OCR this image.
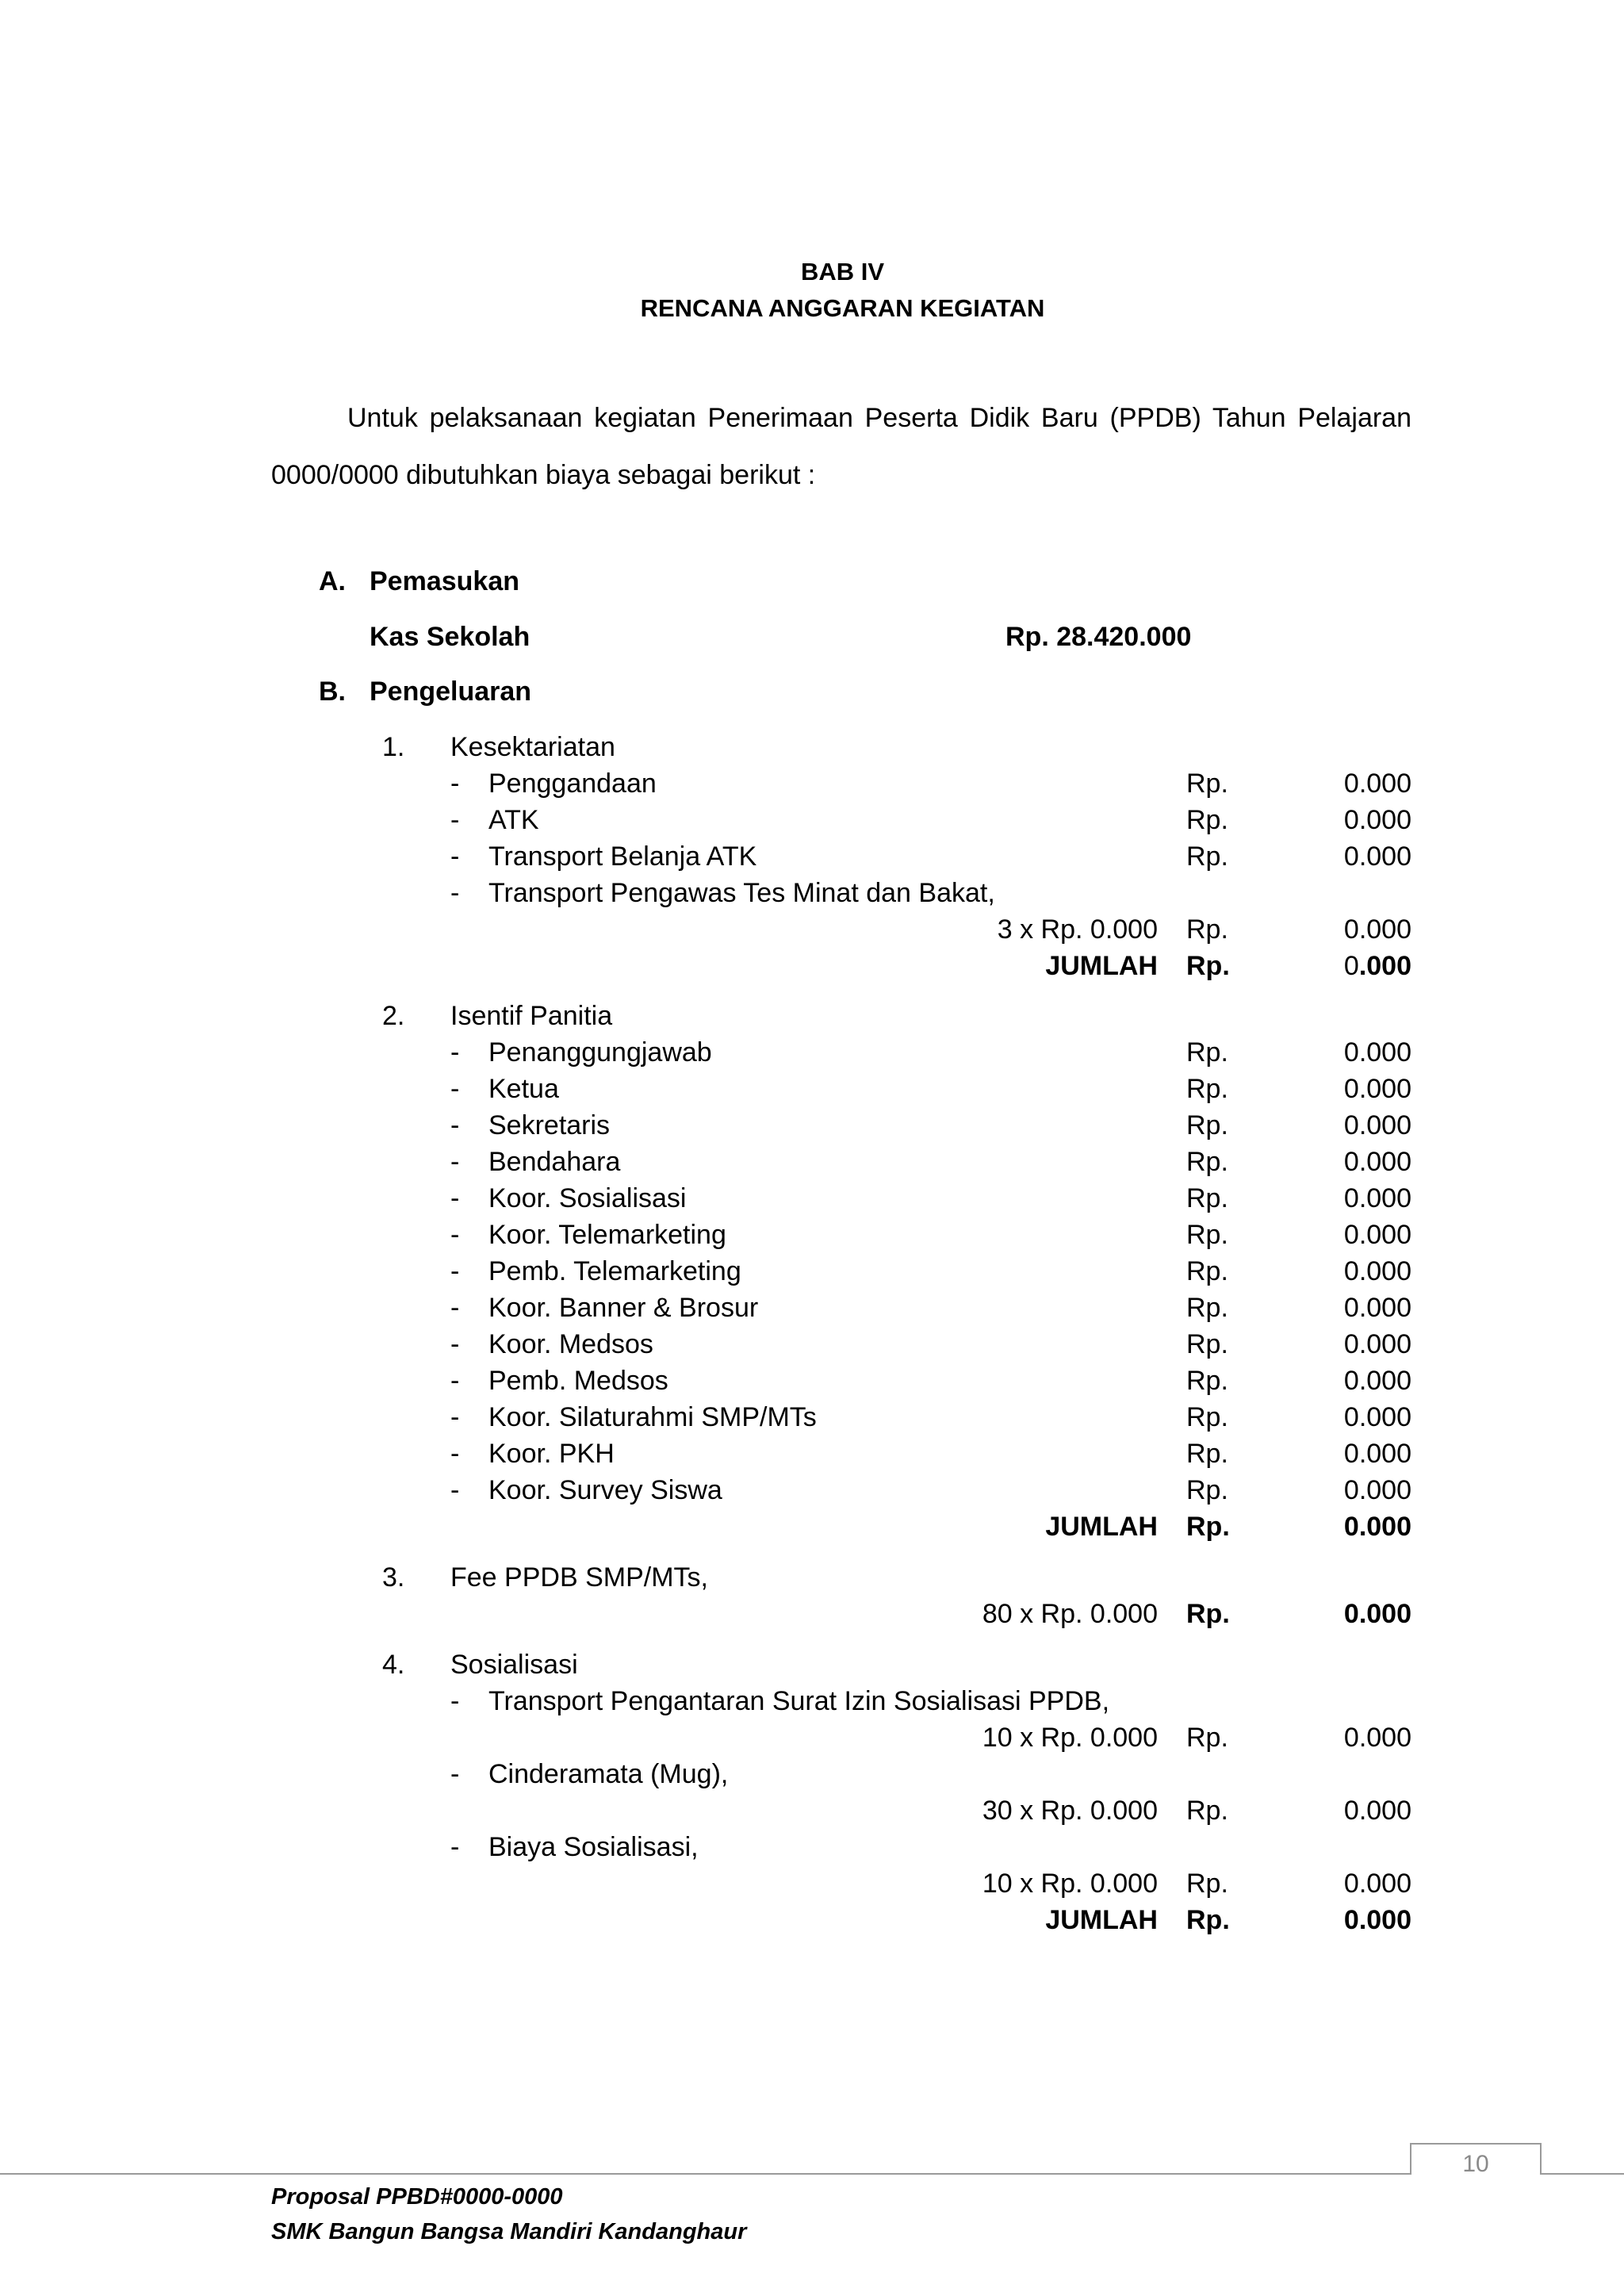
BAB IV
RENCANA ANGGARAN KEGIATAN
Untuk pelaksanaan kegiatan Penerimaan Peserta Didik Baru (PPDB) Tahun Pelajaran
0000/0000 dibutuhkan biaya sebagai berikut :
A. Pemasukan
Kas Sekolah	Rp. 28.420.000
B. Pengeluaran
1. Kesektariatan
- Penggandaan	Rp.	0.000
- ATK	Rp.	0.000
- Transport Belanja ATK	Rp.	0.000
- Transport Pengawas Tes Minat dan Bakat,
3 x Rp. 0.000 Rp.	0.000
JUMLAH Rp.	0.000
2. Isentif Panitia
- Penanggungjawab	Rp.	0.000
- Ketua	Rp.	0.000
- Sekretaris	Rp.	0.000
- Bendahara	Rp.	0.000
- Koor. Sosialisasi	Rp.	0.000
- Koor. Telemarketing	Rp.	0.000
- Pemb. Telemarketing	Rp.	0.000
- Koor. Banner & Brosur	Rp.	0.000
- Koor. Medsos	Rp.	0.000
- Pemb. Medsos	Rp.	0.000
- Koor. Silaturahmi SMP/MTs	Rp.	0.000
- Koor. PKH	Rp.	0.000
- Koor. Survey Siswa	Rp.	0.000
JUMLAH Rp.	0.000
3. Fee PPDB SMP/MTs,
80 x Rp. 0.000 Rp.	0.000
4. Sosialisasi
- Transport Pengantaran Surat Izin Sosialisasi PPDB,
10 x Rp. 0.000 Rp.	0.000
- Cinderamata (Mug),
30 x Rp. 0.000 Rp.	0.000
- Biaya Sosialisasi,
10 x Rp. 0.000 Rp.	0.000
JUMLAH Rp.	0.000
10
Proposal PPBD#0000-0000
SMK Bangun Bangsa Mandiri Kandanghaur
